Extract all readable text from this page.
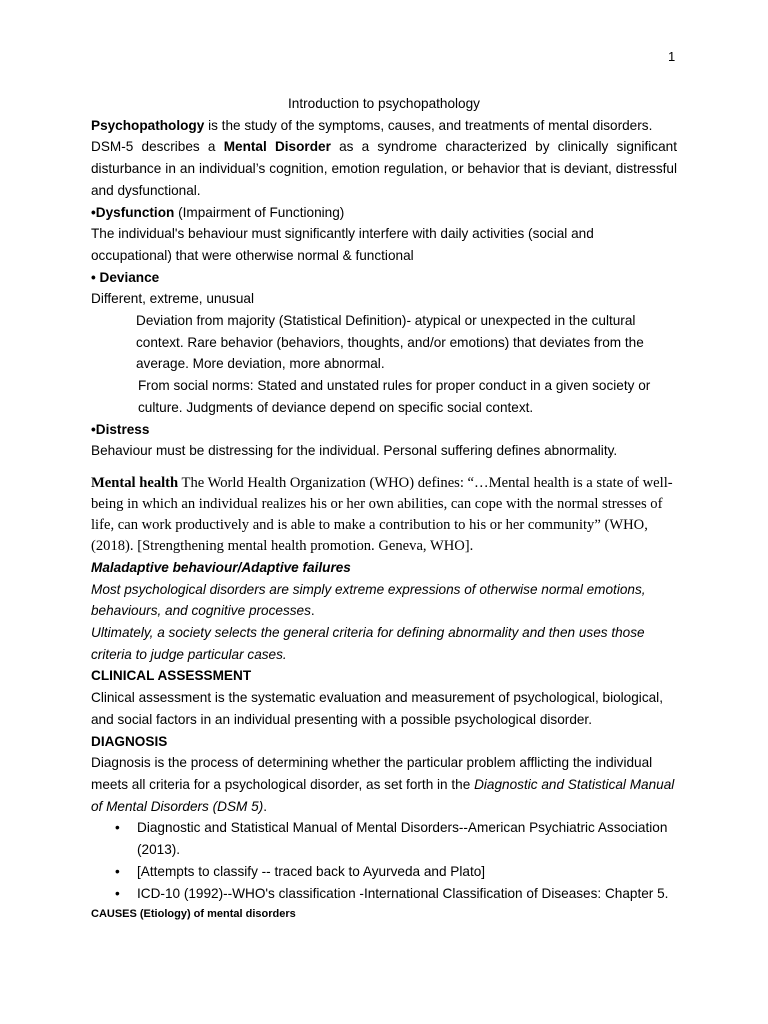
1
Introduction to psychopathology
Psychopathology is the study of the symptoms, causes, and treatments of mental disorders.
DSM-5 describes a Mental Disorder as a syndrome characterized by clinically significant disturbance in an individual’s cognition, emotion regulation, or behavior that is deviant, distressful and dysfunctional.
•Dysfunction (Impairment of Functioning)
The individual's behaviour must significantly interfere with daily activities (social and occupational) that were otherwise normal & functional
• Deviance
Different, extreme, unusual
Deviation from majority (Statistical Definition)- atypical or unexpected in the cultural context. Rare behavior (behaviors, thoughts, and/or emotions) that deviates from the average. More deviation, more abnormal.
From social norms: Stated and unstated rules for proper conduct in a given society or culture. Judgments of deviance depend on specific social context.
•Distress
Behaviour must be distressing for the individual. Personal suffering defines abnormality.
Mental health The World Health Organization (WHO) defines: “…Mental health is a state of well-being in which an individual realizes his or her own abilities, can cope with the normal stresses of life, can work productively and is able to make a contribution to his or her community” (WHO, (2018). [Strengthening mental health promotion. Geneva, WHO].
Maladaptive behaviour/Adaptive failures
Most psychological disorders are simply extreme expressions of otherwise normal emotions, behaviours, and cognitive processes.
Ultimately, a society selects the general criteria for defining abnormality and then uses those criteria to judge particular cases.
CLINICAL ASSESSMENT
Clinical assessment is the systematic evaluation and measurement of psychological, biological, and social factors in an individual presenting with a possible psychological disorder.
DIAGNOSIS
Diagnosis is the process of determining whether the particular problem afflicting the individual meets all criteria for a psychological disorder, as set forth in the Diagnostic and Statistical Manual of Mental Disorders (DSM 5).
• Diagnostic and Statistical Manual of Mental Disorders--American Psychiatric Association (2013).
• [Attempts to classify -- traced back to Ayurveda and Plato]
• ICD-10 (1992)--WHO's classification -International Classification of Diseases: Chapter 5.
CAUSES (Etiology) of mental disorders
